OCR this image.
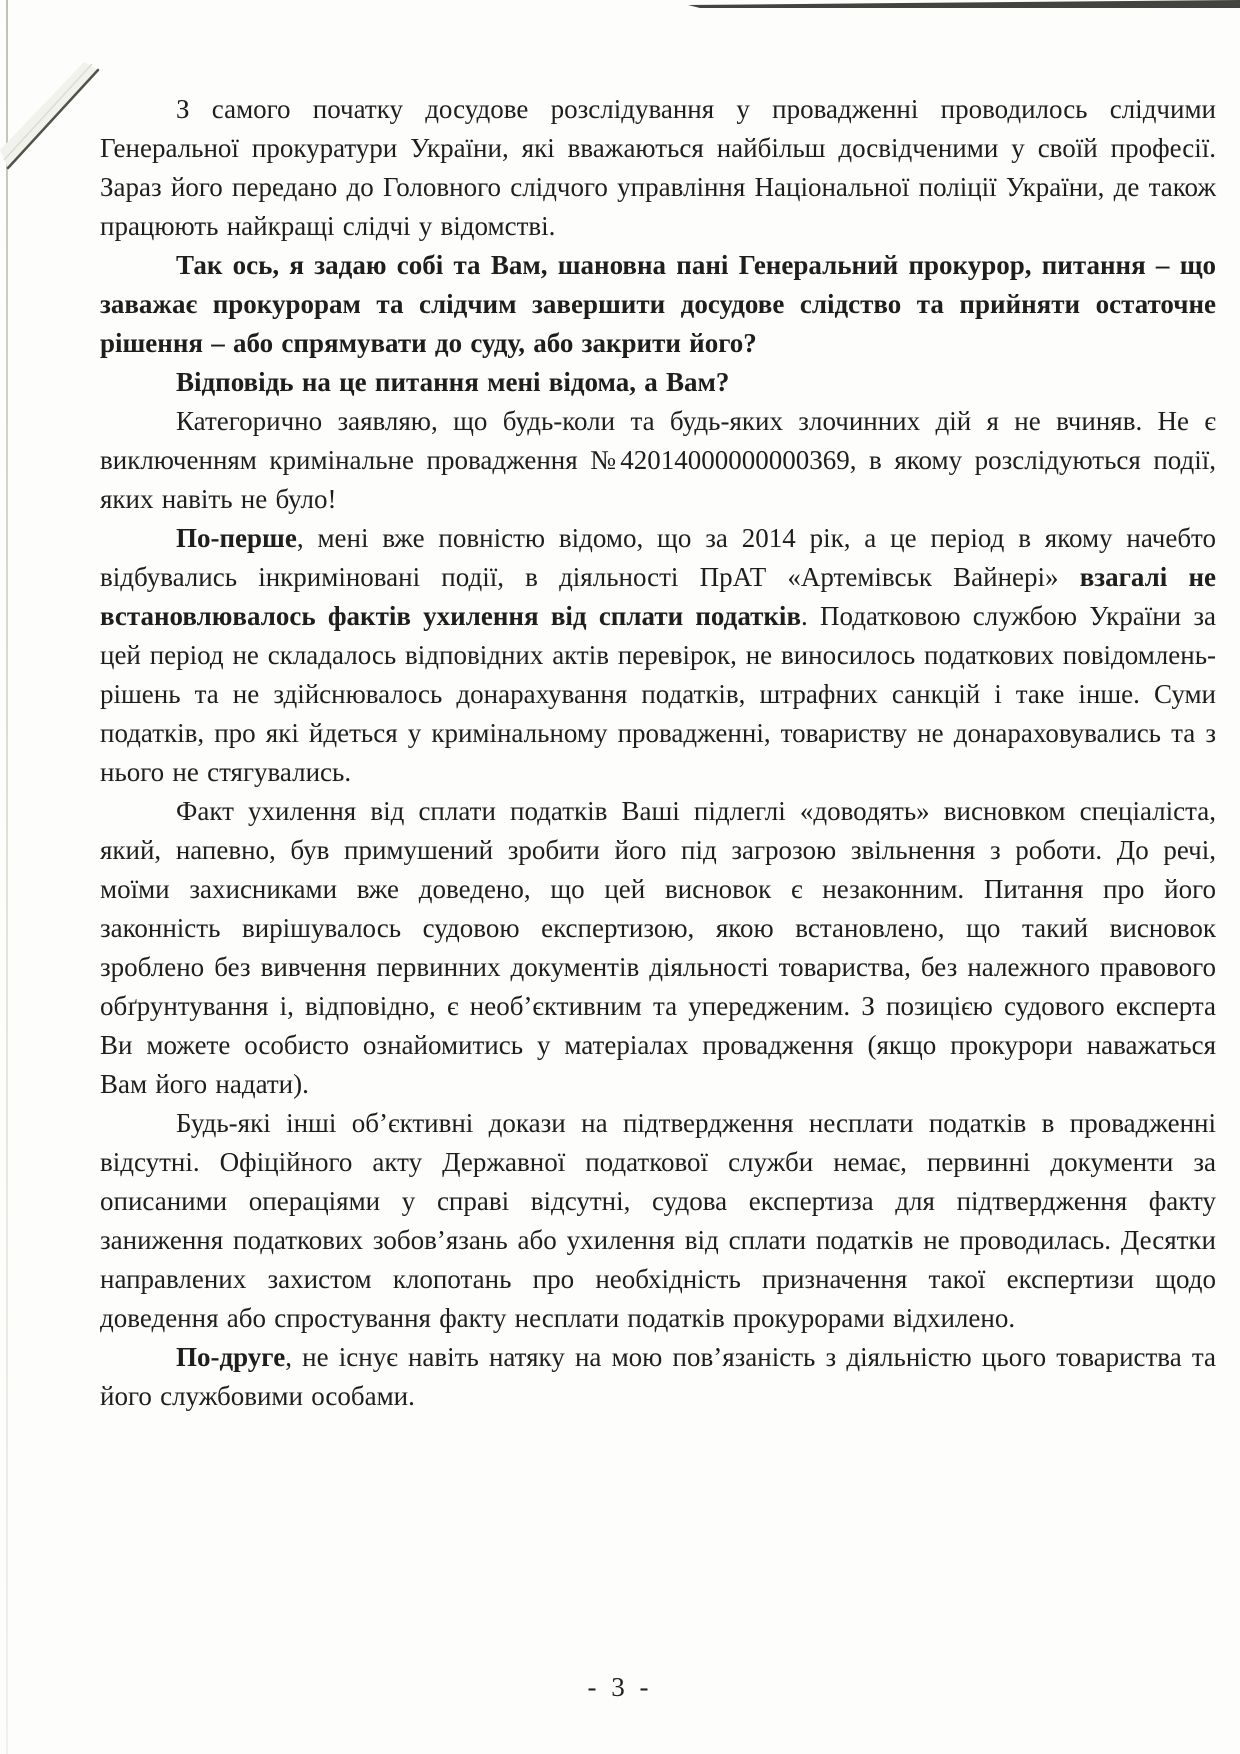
З самого початку досудове розслідування у провадженні проводилось слідчими Генеральної прокуратури України, які вважаються найбільш досвідченими у своїй професії. Зараз його передано до Головного слідчого управління Національної поліції України, де також працюють найкращі слідчі у відомстві.

Так ось, я задаю собі та Вам, шановна пані Генеральний прокурор, питання – що заважає прокурорам та слідчим завершити досудове слідство та прийняти остаточне рішення – або спрямувати до суду, або закрити його?

Відповідь на це питання мені відома, а Вам?

Категорично заявляю, що будь-коли та будь-яких злочинних дій я не вчиняв. Не є виключенням кримінальне провадження №42014000000000369, в якому розслідуються події, яких навіть не було!

По-перше, мені вже повністю відомо, що за 2014 рік, а це період в якому начебто відбувались інкриміновані події, в діяльності ПрАТ «Артемівськ Вайнері» взагалі не встановлювалось фактів ухилення від сплати податків. Податковою службою України за цей період не складалось відповідних актів перевірок, не виносилось податкових повідомлень-рішень та не здійснювалось донарахування податків, штрафних санкцій і таке інше. Суми податків, про які йдеться у кримінальному провадженні, товариству не донараховувались та з нього не стягувались.

Факт ухилення від сплати податків Ваші підлеглі «доводять» висновком спеціаліста, який, напевно, був примушений зробити його під загрозою звільнення з роботи. До речі, моїми захисниками вже доведено, що цей висновок є незаконним. Питання про його законність вирішувалось судовою експертизою, якою встановлено, що такий висновок зроблено без вивчення первинних документів діяльності товариства, без належного правового обґрунтування і, відповідно, є необ’єктивним та упередженим. З позицією судового експерта Ви можете особисто ознайомитись у матеріалах провадження (якщо прокурори наважаться Вам його надати).

Будь-які інші об’єктивні докази на підтвердження несплати податків в провадженні відсутні. Офіційного акту Державної податкової служби немає, первинні документи за описаними операціями у справі відсутні, судова експертиза для підтвердження факту заниження податкових зобов’язань або ухилення від сплати податків не проводилась. Десятки направлених захистом клопотань про необхідність призначення такої експертизи щодо доведення або спростування факту несплати податків прокурорами відхилено.

По-друге, не існує навіть натяку на мою пов’язаність з діяльністю цього товариства та його службовими особами.

- 3 -
